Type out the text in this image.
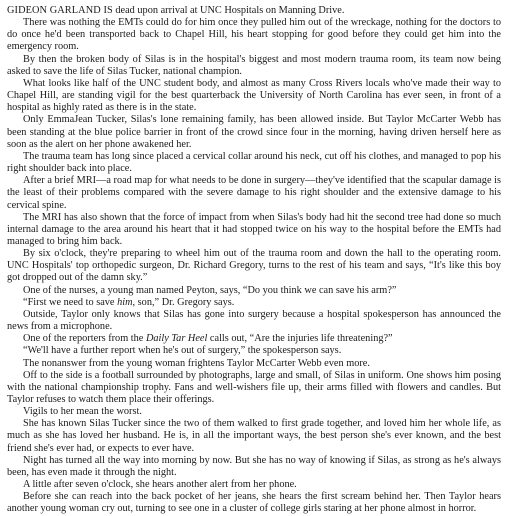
GIDEON GARLAND IS dead upon arrival at UNC Hospitals on Manning Drive.

There was nothing the EMTs could do for him once they pulled him out of the wreckage, nothing for the doctors to do once he'd been transported back to Chapel Hill, his heart stopping for good before they could get him into the emergency room.

By then the broken body of Silas is in the hospital's biggest and most modern trauma room, its team now being asked to save the life of Silas Tucker, national champion.

What looks like half of the UNC student body, and almost as many Cross Rivers locals who've made their way to Chapel Hill, are standing vigil for the best quarterback the University of North Carolina has ever seen, in front of a hospital as highly rated as there is in the state.

Only EmmaJean Tucker, Silas's lone remaining family, has been allowed inside. But Taylor McCarter Webb has been standing at the blue police barrier in front of the crowd since four in the morning, having driven herself here as soon as the alert on her phone awakened her.

The trauma team has long since placed a cervical collar around his neck, cut off his clothes, and managed to pop his right shoulder back into place.

After a brief MRI—a road map for what needs to be done in surgery—they've identified that the scapular damage is the least of their problems compared with the severe damage to his right shoulder and the extensive damage to his cervical spine.

The MRI has also shown that the force of impact from when Silas's body had hit the second tree had done so much internal damage to the area around his heart that it had stopped twice on his way to the hospital before the EMTs had managed to bring him back.

By six o'clock, they're preparing to wheel him out of the trauma room and down the hall to the operating room. UNC Hospitals' top orthopedic surgeon, Dr. Richard Gregory, turns to the rest of his team and says, “It's like this boy got dropped out of the damn sky.”

One of the nurses, a young man named Peyton, says, “Do you think we can save his arm?”

“First we need to save him, son,” Dr. Gregory says.

Outside, Taylor only knows that Silas has gone into surgery because a hospital spokesperson has announced the news from a microphone.

One of the reporters from the Daily Tar Heel calls out, “Are the injuries life threatening?”

“We'll have a further report when he's out of surgery,” the spokesperson says.

The nonanswer from the young woman frightens Taylor McCarter Webb even more.

Off to the side is a football surrounded by photographs, large and small, of Silas in uniform. One shows him posing with the national championship trophy. Fans and well-wishers file up, their arms filled with flowers and candles. But Taylor refuses to watch them place their offerings.

Vigils to her mean the worst.

She has known Silas Tucker since the two of them walked to first grade together, and loved him her whole life, as much as she has loved her husband. He is, in all the important ways, the best person she's ever known, and the best friend she's ever had, or expects to ever have.

Night has turned all the way into morning by now. But she has no way of knowing if Silas, as strong as he's always been, has even made it through the night.

A little after seven o'clock, she hears another alert from her phone.

Before she can reach into the back pocket of her jeans, she hears the first scream behind her. Then Taylor hears another young woman cry out, turning to see one in a cluster of college girls staring at her phone almost in horror.
